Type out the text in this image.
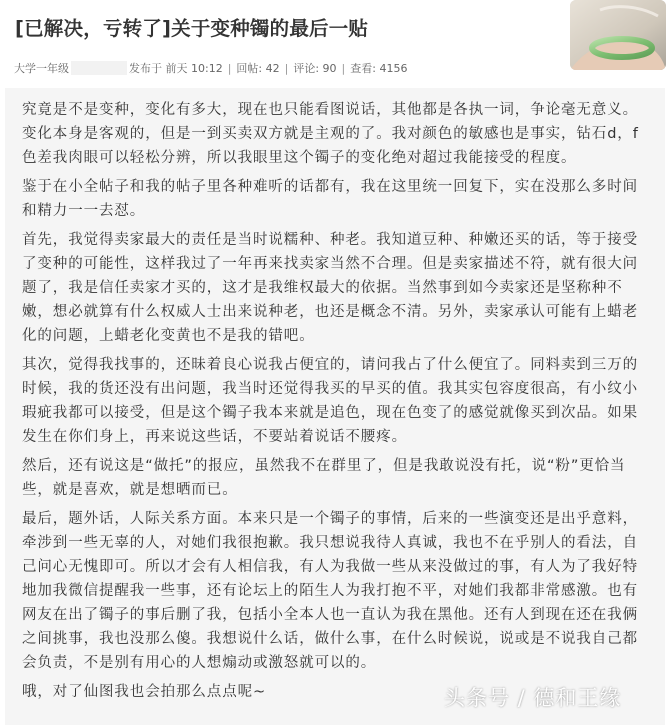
[已解决，亏转了]关于变种镯的最后一贴
大学一年级	发布于 前天 10:12 | 回帖: 42 | 评论: 90 | 查看: 4156

究竟是不是变种，变化有多大，现在也只能看图说话，其他都是各执一词，争论毫无意义。变化本身是客观的，但是一到买卖双方就是主观的了。我对颜色的敏感也是事实，钻石d，f色差我肉眼可以轻松分辨，所以我眼里这个镯子的变化绝对超过我能接受的程度。

鉴于在小全帖子和我的帖子里各种难听的话都有，我在这里统一回复下，实在没那么多时间和精力一一去怼。

首先，我觉得卖家最大的责任是当时说糯种、种老。我知道豆种、种嫩还买的话，等于接受了变种的可能性，这样我过了一年再来找卖家当然不合理。但是卖家描述不符，就有很大问题了，我是信任卖家才买的，这才是我维权最大的依据。当然事到如今卖家还是坚称种不嫩，想必就算有什么权威人士出来说种老，也还是概念不清。另外，卖家承认可能有上蜡老化的问题，上蜡老化变黄也不是我的错吧。

其次，觉得我找事的，还昧着良心说我占便宜的，请问我占了什么便宜了。同料卖到三万的时候，我的货还没有出问题，我当时还觉得我买的早买的值。我其实包容度很高，有小纹小瑕疵我都可以接受，但是这个镯子我本来就是追色，现在色变了的感觉就像买到次品。如果发生在你们身上，再来说这些话，不要站着说话不腰疼。

然后，还有说这是“做托”的报应，虽然我不在群里了，但是我敢说没有托，说“粉”更恰当些，就是喜欢，就是想晒而已。

最后，题外话，人际关系方面。本来只是一个镯子的事情，后来的一些演变还是出乎意料，牵涉到一些无辜的人，对她们我很抱歉。我只想说我待人真诚，我也不在乎别人的看法，自己问心无愧即可。所以才会有人相信我，有人为我做一些从来没做过的事，有人为了我好特地加我微信提醒我一些事，还有论坛上的陌生人为我打抱不平，对她们我都非常感激。也有网友在出了镯子的事后删了我，包括小全本人也一直认为我在黑他。还有人到现在还在我俩之间挑事，我也没那么傻。我想说什么话，做什么事，在什么时候说，说或是不说我自己都会负责，不是别有用心的人想煽动或激怒就可以的。

哦，对了仙图我也会拍那么点点呢~	头条号 / 德和王缘
